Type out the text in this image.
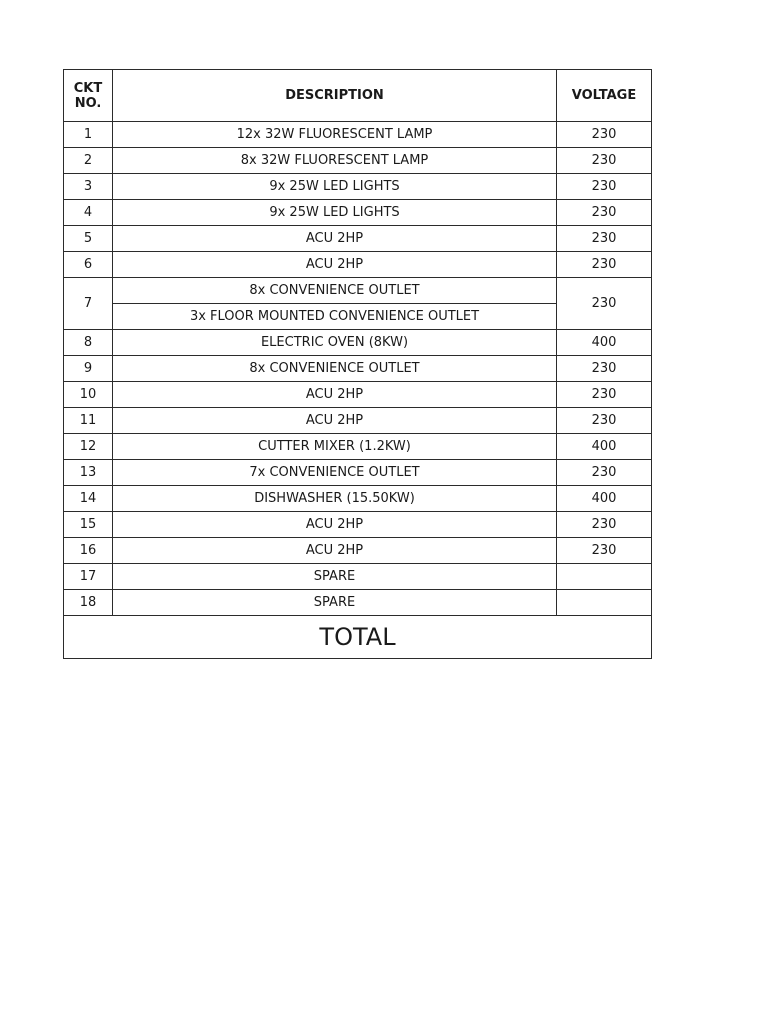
CKT
NO.	DESCRIPTION	VOLTAGE
1	12x 32W FLUORESCENT LAMP	230
2	8x 32W FLUORESCENT LAMP	230
3	9x 25W LED LIGHTS	230
4	9x 25W LED LIGHTS	230
5	ACU 2HP	230
6	ACU 2HP	230
7	8x CONVENIENCE OUTLET	230
	3x FLOOR MOUNTED CONVENIENCE OUTLET	
8	ELECTRIC OVEN (8KW)	400
9	8x CONVENIENCE OUTLET	230
10	ACU 2HP	230
11	ACU 2HP	230
12	CUTTER MIXER (1.2KW)	400
13	7x CONVENIENCE OUTLET	230
14	DISHWASHER (15.50KW)	400
15	ACU 2HP	230
16	ACU 2HP	230
17	SPARE	
18	SPARE	
TOTAL		
